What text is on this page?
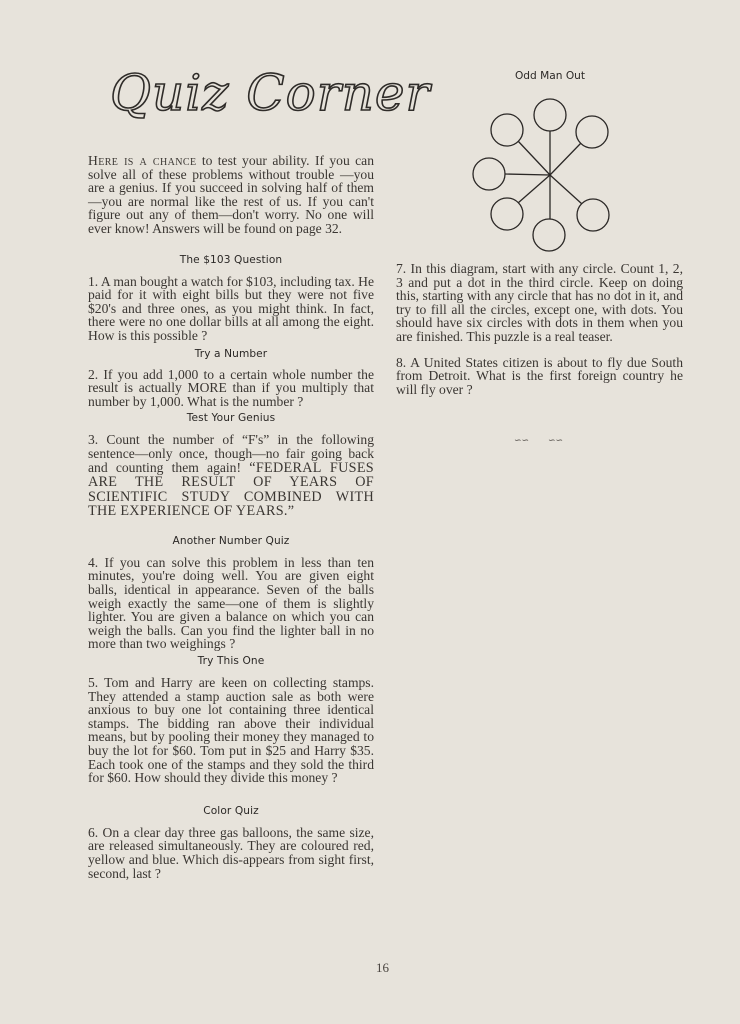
Quiz Corner

Here is a chance to test your ability. If you can solve all of these problems without trouble —you are a genius. If you succeed in solving half of them—you are normal like the rest of us. If you can't figure out any of them—don't worry. No one will ever know! Answers will be found on page 32.

The $103 Question

1. A man bought a watch for $103, including tax. He paid for it with eight bills but they were not five $20's and three ones, as you might think. In fact, there were no one dollar bills at all among the eight. How is this possible ?

Try a Number

2. If you add 1,000 to a certain whole number the result is actually MORE than if you multiply that number by 1,000. What is the number ?

Test Your Genius

3. Count the number of “F's” in the following sentence—only once, though—no fair going back and counting them again! “FEDERAL FUSES ARE THE RESULT OF YEARS OF SCIENTIFIC STUDY COMBINED WITH THE EXPERIENCE OF YEARS.”

Another Number Quiz

4. If you can solve this problem in less than ten minutes, you're doing well. You are given eight balls, identical in appearance. Seven of the balls weigh exactly the same—one of them is slightly lighter. You are given a balance on which you can weigh the balls. Can you find the lighter ball in no more than two weighings ?

Try This One

5. Tom and Harry are keen on collecting stamps. They attended a stamp auction sale as both were anxious to buy one lot containing three identical stamps. The bidding ran above their individual means, but by pooling their money they managed to buy the lot for $60. Tom put in $25 and Harry $35. Each took one of the stamps and they sold the third for $60. How should they divide this money ?

Color Quiz

6. On a clear day three gas balloons, the same size, are released simultaneously. They are coloured red, yellow and blue. Which dis-appears from sight first, second, last ?

Odd Man Out

7. In this diagram, start with any circle. Count 1, 2, 3 and put a dot in the third circle. Keep on doing this, starting with any circle that has no dot in it, and try to fill all the circles, except one, with dots. You should have six circles with dots in them when you are finished. This puzzle is a real teaser.

8. A United States citizen is about to fly due South from Detroit. What is the first foreign country he will fly over ?

∽∽ ∽∽
16
